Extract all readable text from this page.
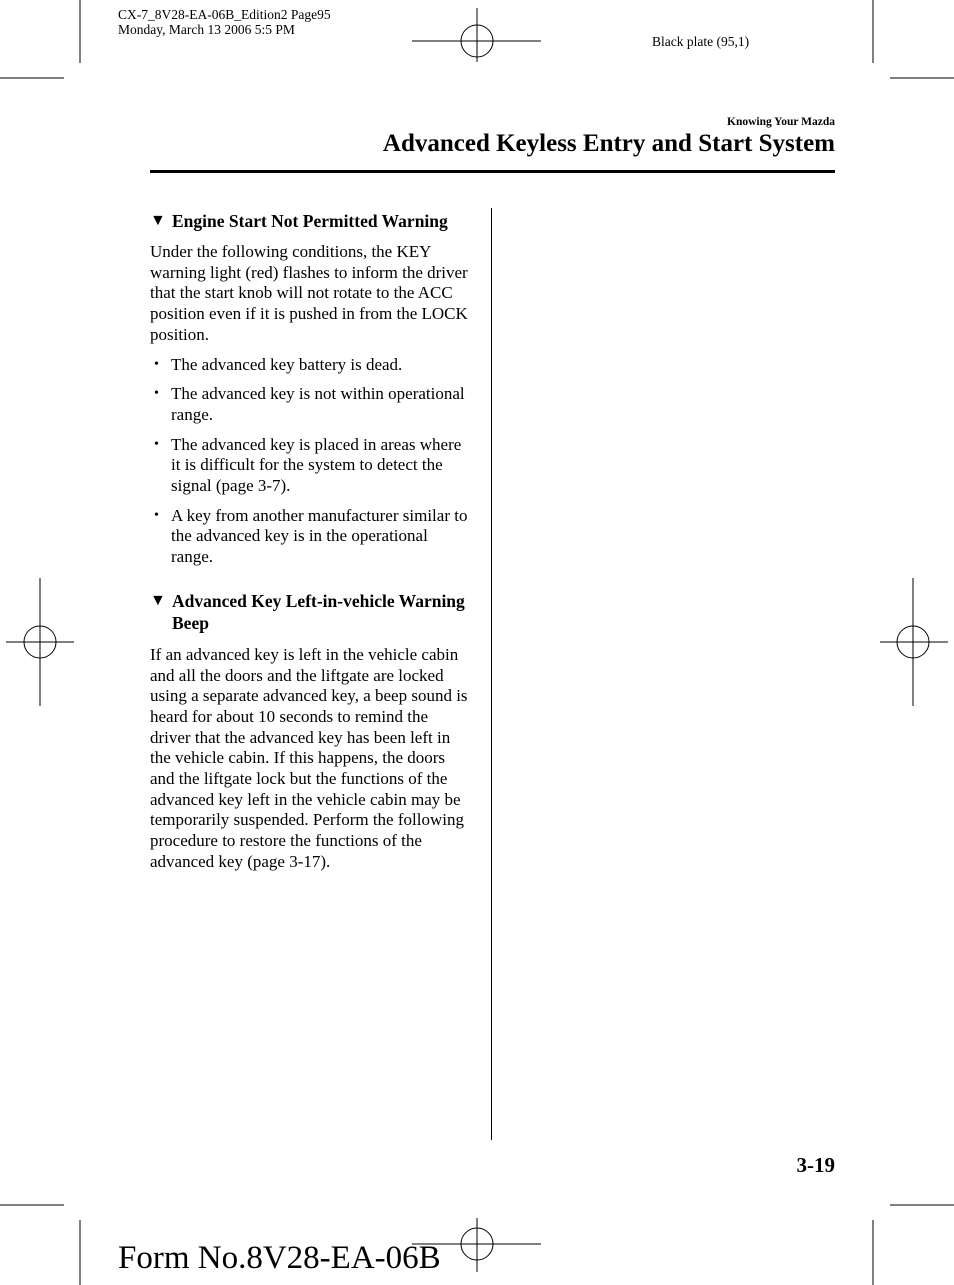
CX-7_8V28-EA-06B_Edition2 Page95
Monday, March 13 2006 5:5 PM
Black plate (95,1)
Knowing Your Mazda
Advanced Keyless Entry and Start System
▼
Engine Start Not Permitted Warning

Under the following conditions, the KEY warning light (red) flashes to inform the driver that the start knob will not rotate to the ACC position even if it is pushed in from the LOCK position.

• The advanced key battery is dead.
• The advanced key is not within operational range.
• The advanced key is placed in areas where it is difficult for the system to detect the signal (page 3-7).
• A key from another manufacturer similar to the advanced key is in the operational range.
▼
Advanced Key Left-in-vehicle Warning Beep

If an advanced key is left in the vehicle cabin and all the doors and the liftgate are locked using a separate advanced key, a beep sound is heard for about 10 seconds to remind the driver that the advanced key has been left in the vehicle cabin. If this happens, the doors and the liftgate lock but the functions of the advanced key left in the vehicle cabin may be temporarily suspended. Perform the following procedure to restore the functions of the advanced key (page 3-17).

3-19
Form No.8V28-EA-06B
